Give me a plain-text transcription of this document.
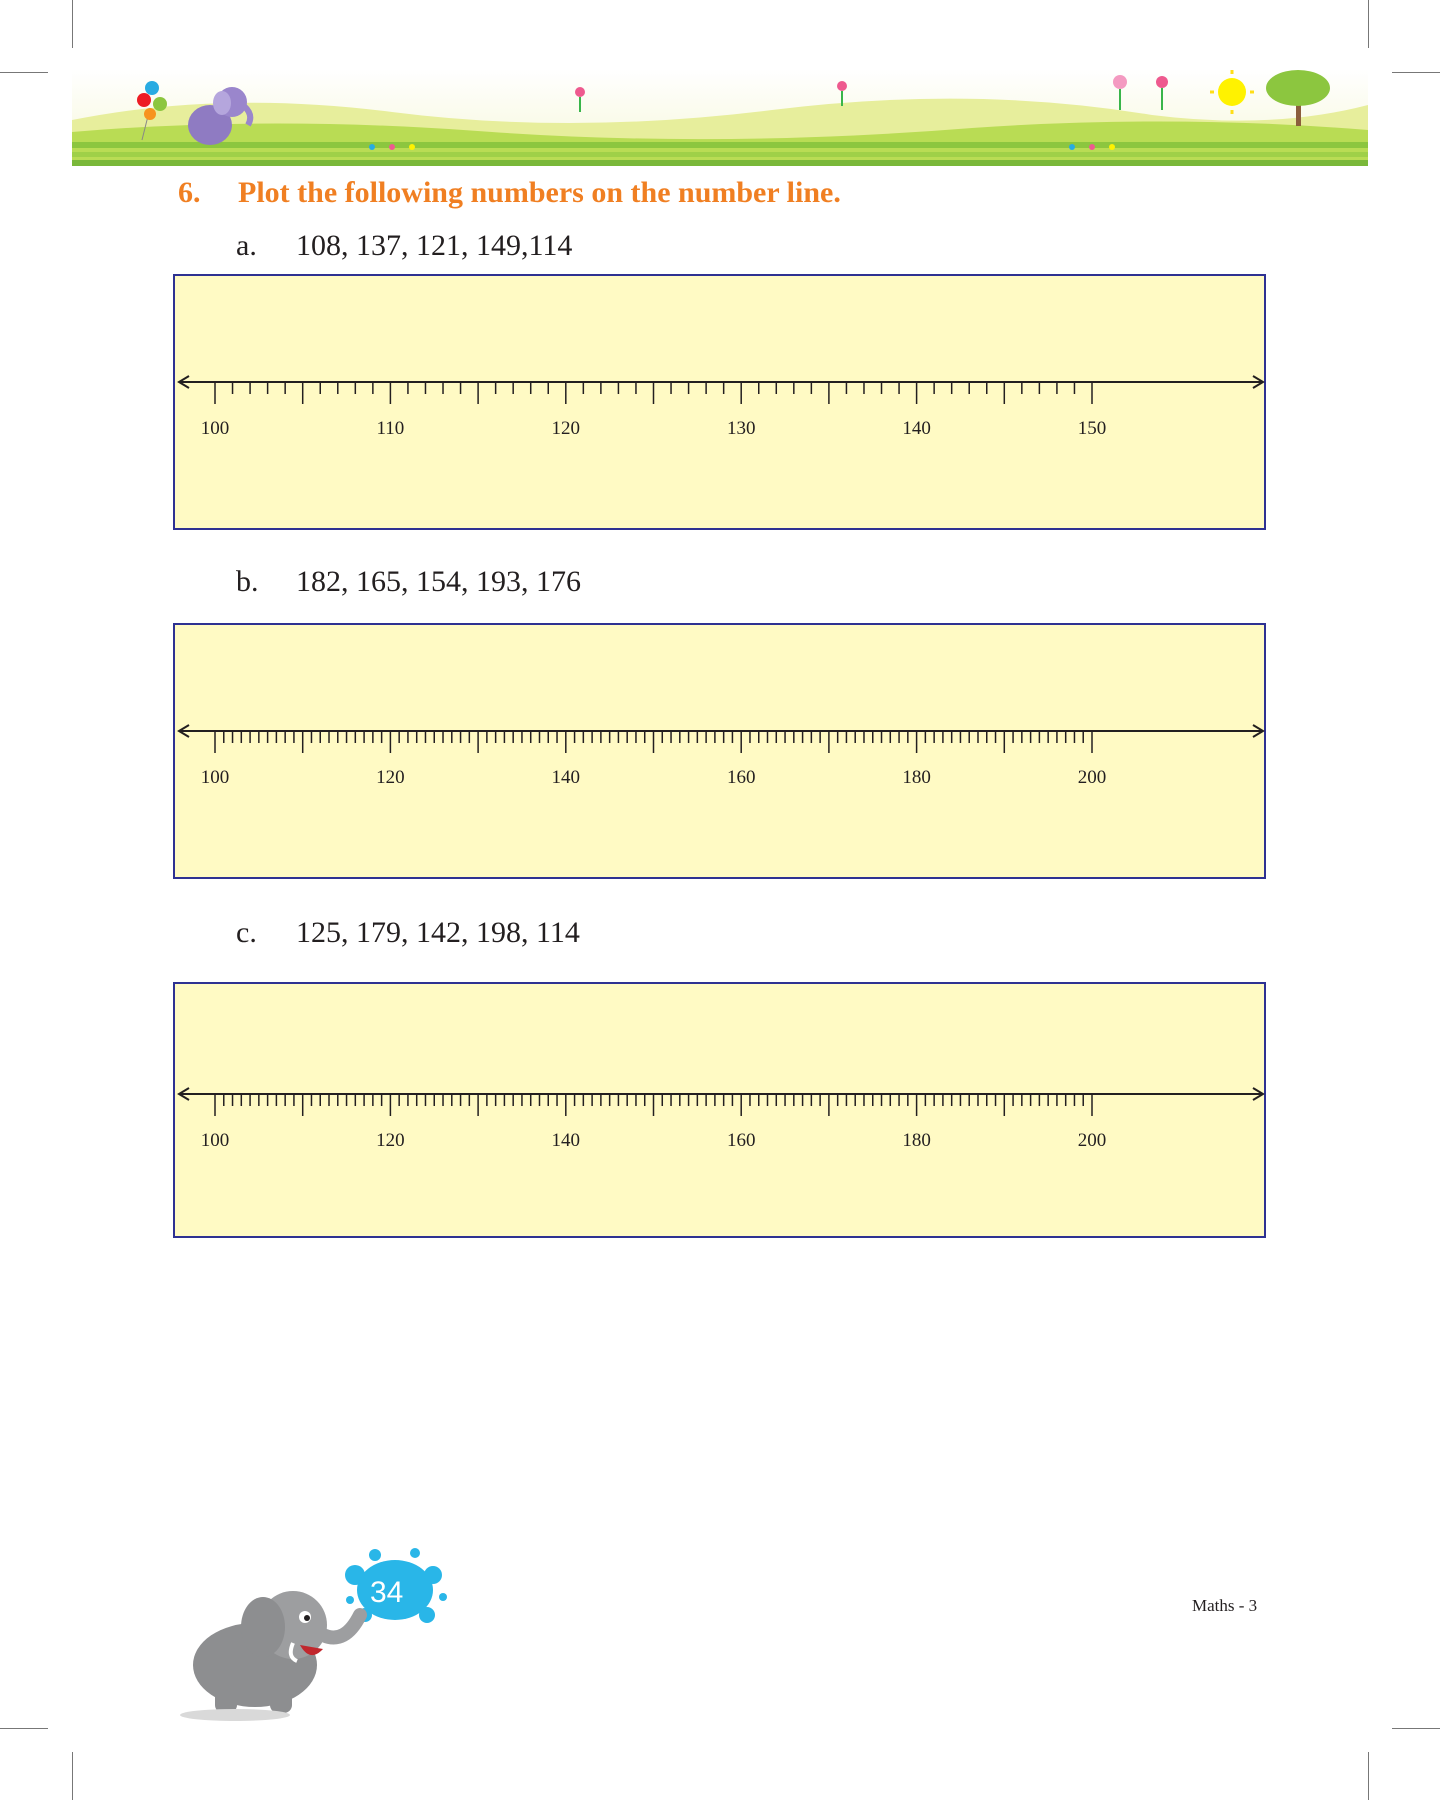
6. Plot the following numbers on the number line.
a. 108, 137, 121, 149,114
100	110	120	130	140	150
b. 182, 165, 154, 193, 176
100	120	140	160	180	200
c. 125, 179, 142, 198, 114
100	120	140	160	180	200
34	Maths - 3
